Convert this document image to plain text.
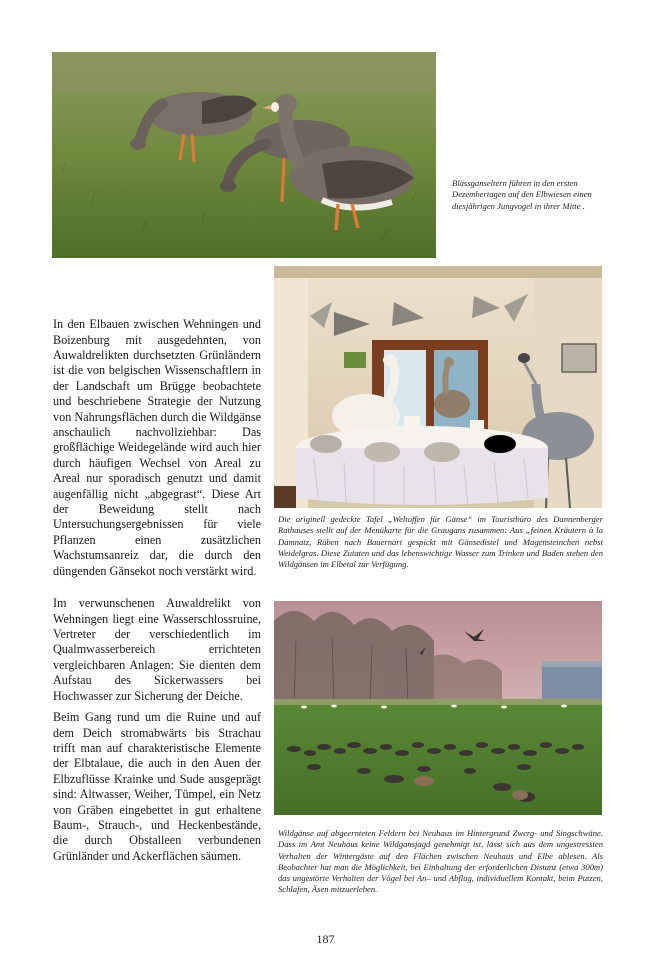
Blässganseltern führen in den ersten Dezembertagen auf den Elbwiesen einen diesjährigen Jungvogel in ihrer Mitte .
Die originell gedeckte Tafel „Weltoffen für Gänse“ im Touristbüro des Dannenberger Rathauses stellt auf der Menükarte für die Graugans zusammen: Aus „feinen Kräutern à la Damnatz, Rüben nach Bauernart gespickt mit Gänsedistel und Magensteinchen nebst Weidelgras. Diese Zutaten und das lebenswichtige Wasser zum Trinken und Baden stehen den Wildgänsen im Elbetal zur Verfügung.
Wildgänse auf abgeernteten Feldern bei Neuhaus im Hintergrund Zwerg- und Singschwäne. Dass im Amt Neuhaus keine Wildgansjagd genehmigt ist, lässt sich aus dem ungestressten Verhalten der Wintergäste auf den Flächen zwischen Neuhaus und Elbe ablesen. Als Beobachter hat man die Möglichkeit, bei Einhaltung der erforderlichen Distanz (etwa 300m) das ungestörte Verhalten der Vögel bei An– und Abflug, individuellem Kontakt, beim Putzen, Schlafen, Äsen mitzuerleben.

In den Elbauen zwischen Wehningen und Boizenburg mit ausgedehnten, von Auwaldrelikten durchsetzten Grünländern ist die von belgischen Wissenschaftlern in der Landschaft um Brügge beobachtete und beschriebene Strategie der Nutzung von Nahrungsflächen durch die Wildgänse anschaulich nachvollziehbar: Das großflächige Weidegelände wird auch hier durch häufigen Wechsel von Areal zu Areal nur sporadisch genutzt und damit augenfällig nicht „abgegrast“. Diese Art der Beweidung stellt nach Untersuchungsergebnissen für viele Pflanzen einen zusätzlichen Wachstumsanreiz dar, die durch den düngenden Gänsekot noch verstärkt wird.

Im verwunschenen Auwaldrelikt von Wehningen liegt eine Wasserschlossruine, Vertreter der verschiedentlich im Qualmwasserbereich errichteten vergleichbaren Anlagen: Sie dienten dem Aufstau des Sickerwassers bei Hochwasser zur Sicherung der Deiche.

Beim Gang rund um die Ruine und auf dem Deich stromabwärts bis Strachau trifft man auf charakteristische Elemente der Elbtalaue, die auch in den Auen der Elbzuflüsse Krainke und Sude ausgeprägt sind: Altwasser, Weiher, Tümpel, ein Netz von Gräben eingebettet in gut erhaltene Baum-, Strauch-, und Heckenbestände, die durch Obstalleen verbundenen Grünländer und Ackerflächen säumen.

187
